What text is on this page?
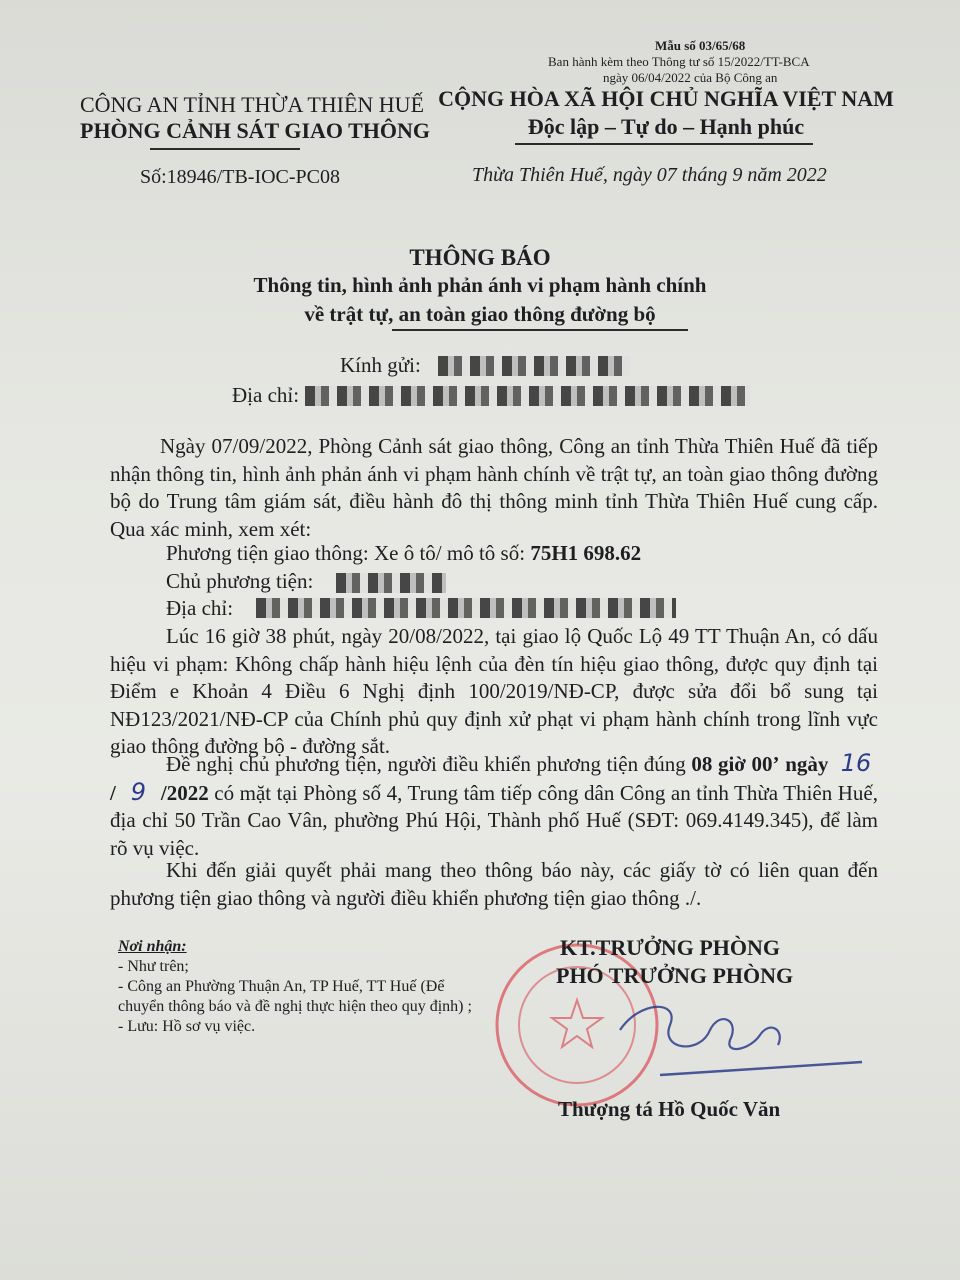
Mẫu số 03/65/68
Ban hành kèm theo Thông tư số 15/2022/TT-BCA
ngày 06/04/2022 của Bộ Công an
CÔNG AN TỈNH THỪA THIÊN HUẾ
PHÒNG CẢNH SÁT GIAO THÔNG
CỘNG HÒA XÃ HỘI CHỦ NGHĨA VIỆT NAM
Độc lập – Tự do – Hạnh phúc
Số:18946/TB-IOC-PC08	Thừa Thiên Huế, ngày 07 tháng 9 năm 2022
THÔNG BÁO
Thông tin, hình ảnh phản ánh vi phạm hành chính
về trật tự, an toàn giao thông đường bộ
Kính gửi:
Địa chỉ:
Ngày 07/09/2022, Phòng Cảnh sát giao thông, Công an tỉnh Thừa Thiên Huế đã tiếp nhận thông tin, hình ảnh phản ánh vi phạm hành chính về trật tự, an toàn giao thông đường bộ do Trung tâm giám sát, điều hành đô thị thông minh tỉnh Thừa Thiên Huế cung cấp. Qua xác minh, xem xét:
Phương tiện giao thông: Xe ô tô/ mô tô số: 75H1 698.62
Chủ phương tiện:
Địa chỉ:
Lúc 16 giờ 38 phút, ngày 20/08/2022, tại giao lộ Quốc Lộ 49 TT Thuận An, có dấu hiệu vi phạm: Không chấp hành hiệu lệnh của đèn tín hiệu giao thông, được quy định tại Điểm e Khoản 4 Điều 6 Nghị định 100/2019/NĐ-CP, được sửa đổi bổ sung tại NĐ123/2021/NĐ-CP của Chính phủ quy định xử phạt vi phạm hành chính trong lĩnh vực giao thông đường bộ - đường sắt.
Đề nghị chủ phương tiện, người điều khiển phương tiện đúng 08 giờ 00’ ngày 16 / 9 /2022 có mặt tại Phòng số 4, Trung tâm tiếp công dân Công an tỉnh Thừa Thiên Huế, địa chỉ 50 Trần Cao Vân, phường Phú Hội, Thành phố Huế (SĐT: 069.4149.345), để làm rõ vụ việc.
Khi đến giải quyết phải mang theo thông báo này, các giấy tờ có liên quan đến phương tiện giao thông và người điều khiển phương tiện giao thông ./.
Nơi nhận:
- Như trên;
- Công an Phường Thuận An, TP Huế, TT Huế (Để chuyển thông báo và đề nghị thực hiện theo quy định) ;
- Lưu: Hồ sơ vụ việc.
KT.TRƯỞNG PHÒNG
PHÓ TRƯỞNG PHÒNG
Thượng tá Hồ Quốc Văn
